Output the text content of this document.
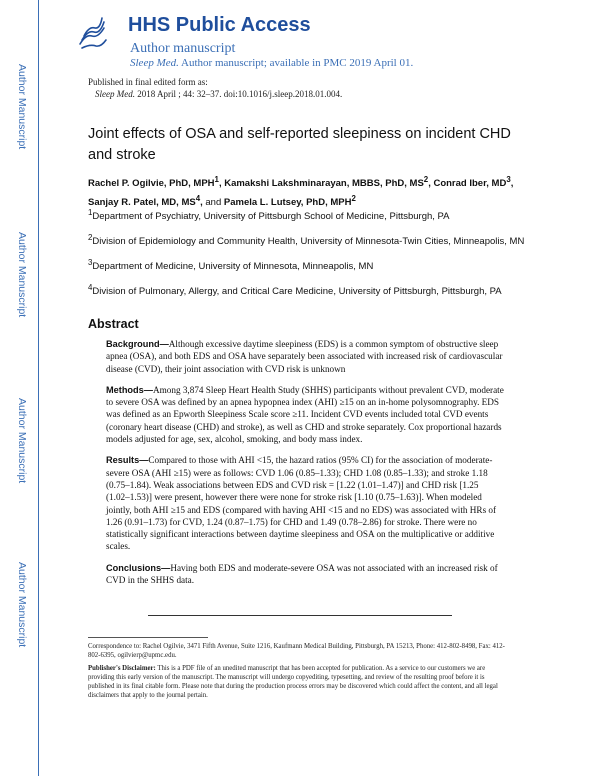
Author Manuscript
Author Manuscript
Author Manuscript
Author Manuscript
HHS Public Access
Author manuscript
Sleep Med. Author manuscript; available in PMC 2019 April 01.
Published in final edited form as:
Sleep Med. 2018 April ; 44: 32–37. doi:10.1016/j.sleep.2018.01.004.
Joint effects of OSA and self-reported sleepiness on incident CHD and stroke
Rachel P. Ogilvie, PhD, MPH$^1$, Kamakshi Lakshminarayan, MBBS, PhD, $MS^2$, Conrad Iber, $MD^3$, Sanjay R. Patel, MD, $MS^4$, and Pamela L. Lutsey, PhD, MPH$^2$

$^1$Department of Psychiatry, University of Pittsburgh School of Medicine, Pittsburgh, PA

$^2$Division of Epidemiology and Community Health, University of Minnesota-Twin Cities, Minneapolis, MN

$^3$Department of Medicine, University of Minnesota, Minneapolis, MN

$^4$Division of Pulmonary, Allergy, and Critical Care Medicine, University of Pittsburgh, Pittsburgh, PA

Abstract

Background—Although excessive daytime sleepiness (EDS) is a common symptom of obstructive sleep apnea (OSA), and both EDS and OSA have separately been associated with increased risk of cardiovascular disease (CVD), their joint association with CVD risk is unknown

Methods—Among 3,874 Sleep Heart Health Study (SHHS) participants without prevalent CVD, moderate to severe OSA was defined by an apnea hypopnea index (AHI) ≥15 on an in-home polysomnography. EDS was defined as an Epworth Sleepiness Scale score ≥11. Incident CVD events included total CVD events (coronary heart disease (CHD) and stroke), as well as CHD and stroke separately. Cox proportional hazards models adjusted for age, sex, alcohol, smoking, and body mass index.

Results—Compared to those with AHI <15, the hazard ratios (95% CI) for the association of moderate-severe OSA (AHI ≥15) were as follows: CVD 1.06 (0.85–1.33); CHD 1.08 (0.85–1.33); and stroke 1.18 (0.75–1.84). Weak associations between EDS and CVD risk = [1.22 (1.01–1.47)] and CHD risk [1.25 (1.02–1.53)] were present, however there were none for stroke risk [1.10 (0.75–1.63)]. When modeled jointly, both AHI ≥15 and EDS (compared with having AHI <15 and no EDS) was associated with HRs of 1.26 (0.91–1.73) for CVD, 1.24 (0.87–1.75) for CHD and 1.49 (0.78–2.86) for stroke. There were no statistically significant interactions between daytime sleepiness and OSA on the multiplicative or additive scales.

Conclusions—Having both EDS and moderate-severe OSA was not associated with an increased risk of CVD in the SHHS data.

Correspondence to: Rachel Ogilvie, 3471 Fifth Avenue, Suite 1216, Kaufmann Medical Building, Pittsburgh, PA 15213, Phone: 412-802-8498, Fax: 412-802-6395, ogilvierp@upmc.edu.

Publisher's Disclaimer: This is a PDF file of an unedited manuscript that has been accepted for publication. As a service to our customers we are providing this early version of the manuscript. The manuscript will undergo copyediting, typesetting, and review of the resulting proof before it is published in its final citable form. Please note that during the production process errors may be discovered which could affect the content, and all legal disclaimers that apply to the journal pertain.
